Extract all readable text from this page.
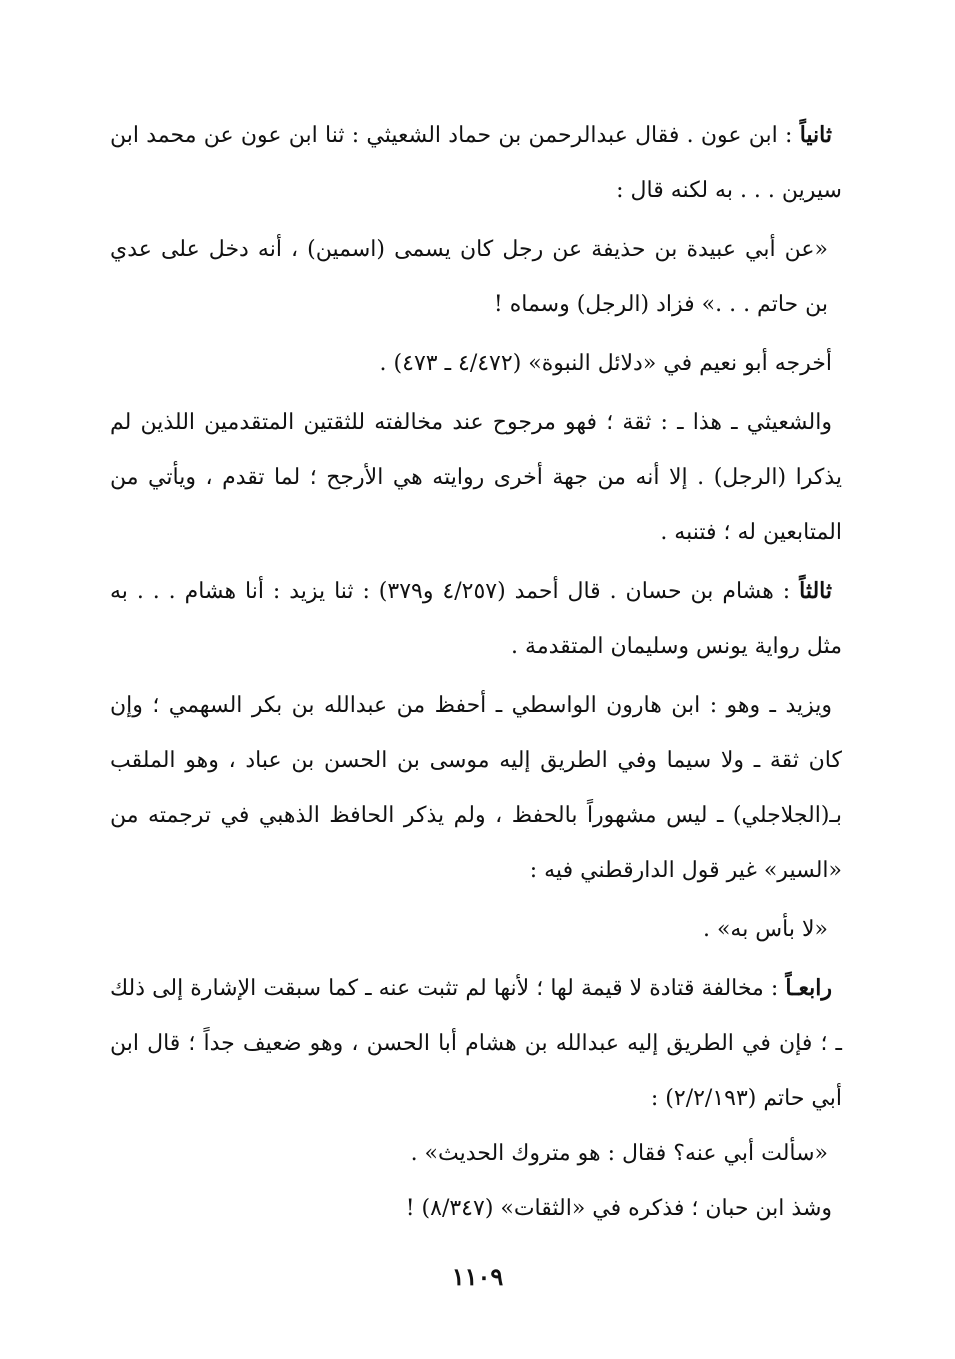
ثانياً : ابن عون . فقال عبدالرحمن بن حماد الشعيثي : ثنا ابن عون عن محمد ابن سيرين . . . به لكنه قال :

«عن أبي عبيدة بن حذيفة عن رجل كان يسمى (اسمين) ، أنه دخل على عدي بن حاتم . . .» فزاد (الرجل) وسماه !

أخرجه أبو نعيم في «دلائل النبوة» (٤/٤٧٢ ـ ٤٧٣) .

والشعيثي ـ هذا ـ : ثقة ؛ فهو مرجوح عند مخالفته للثقتين المتقدمين اللذين لم يذكرا (الرجل) . إلا أنه من جهة أخرى روايته هي الأرجح ؛ لما تقدم ، ويأتي من المتابعين له ؛ فتنبه .

ثالثاً : هشام بن حسان . قال أحمد (٤/٢٥٧ و٣٧٩) : ثنا يزيد : أنا هشام . . . به مثل رواية يونس وسليمان المتقدمة .

ويزيد ـ وهو : ابن هارون الواسطي ـ أحفظ من عبدالله بن بكر السهمي ؛ وإن كان ثقة ـ ولا سيما وفي الطريق إليه موسى بن الحسن بن عباد ، وهو الملقب بـ(الجلاجلي) ـ ليس مشهوراً بالحفظ ، ولم يذكر الحافظ الذهبي في ترجمته من «السير» غير قول الدارقطني فيه :

«لا بأس به» .

رابعـاً : مخالفة قتادة لا قيمة لها ؛ لأنها لم تثبت عنه ـ كما سبقت الإشارة إلى ذلك ـ ؛ فإن في الطريق إليه عبدالله بن هشام أبا الحسن ، وهو ضعيف جداً ؛ قال ابن أبي حاتم (٢/٢/١٩٣) :

«سألت أبي عنه؟ فقال : هو متروك الحديث» .

وشذ ابن حبان ؛ فذكره في «الثقات» (٨/٣٤٧) !

١١٠٩
